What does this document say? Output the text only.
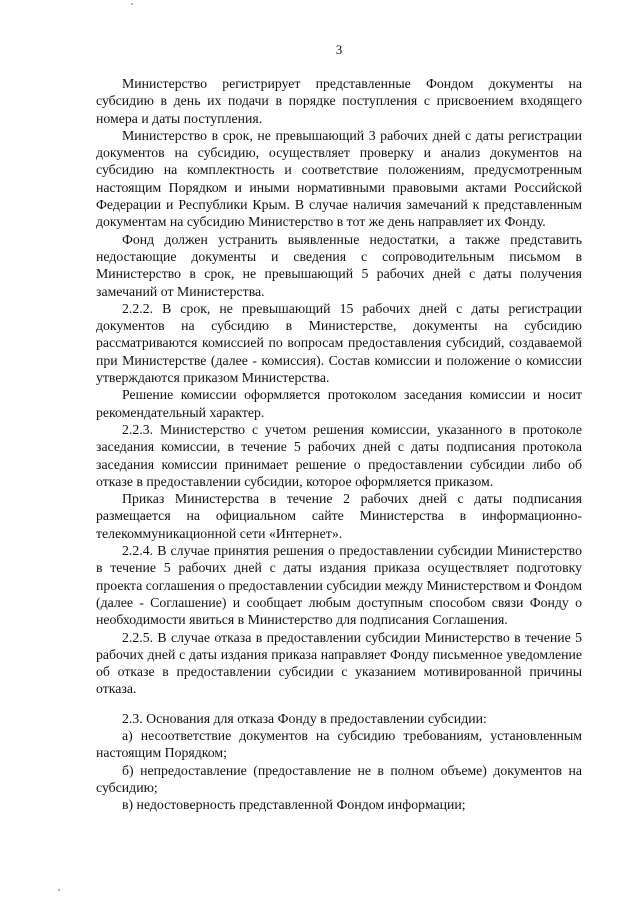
3

Министерство регистрирует представленные Фондом документы на субсидию в день их подачи в порядке поступления с присвоением входящего номера и даты поступления.

Министерство в срок, не превышающий 3 рабочих дней с даты регистрации документов на субсидию, осуществляет проверку и анализ документов на субсидию на комплектность и соответствие положениям, предусмотренным настоящим Порядком и иными нормативными правовыми актами Российской Федерации и Республики Крым. В случае наличия замечаний к представленным документам на субсидию Министерство в тот же день направляет их Фонду.

Фонд должен устранить выявленные недостатки, а также представить недостающие документы и сведения с сопроводительным письмом в Министерство в срок, не превышающий 5 рабочих дней с даты получения замечаний от Министерства.

2.2.2. В срок, не превышающий 15 рабочих дней с даты регистрации документов на субсидию в Министерстве, документы на субсидию рассматриваются комиссией по вопросам предоставления субсидий, создаваемой при Министерстве (далее - комиссия). Состав комиссии и положение о комиссии утверждаются приказом Министерства.

Решение комиссии оформляется протоколом заседания комиссии и носит рекомендательный характер.

2.2.3. Министерство с учетом решения комиссии, указанного в протоколе заседания комиссии, в течение 5 рабочих дней с даты подписания протокола заседания комиссии принимает решение о предоставлении субсидии либо об отказе в предоставлении субсидии, которое оформляется приказом.

Приказ Министерства в течение 2 рабочих дней с даты подписания размещается на официальном сайте Министерства в информационно-телекоммуникационной сети «Интернет».

2.2.4. В случае принятия решения о предоставлении субсидии Министерство в течение 5 рабочих дней с даты издания приказа осуществляет подготовку проекта соглашения о предоставлении субсидии между Министерством и Фондом (далее - Соглашение) и сообщает любым доступным способом связи Фонду о необходимости явиться в Министерство для подписания Соглашения.

2.2.5. В случае отказа в предоставлении субсидии Министерство в течение 5 рабочих дней с даты издания приказа направляет Фонду письменное уведомление об отказе в предоставлении субсидии с указанием мотивированной причины отказа.

2.3. Основания для отказа Фонду в предоставлении субсидии:

а) несоответствие документов на субсидию требованиям, установленным настоящим Порядком;

б) непредоставление (предоставление не в полном объеме) документов на субсидию;

в) недостоверность представленной Фондом информации;
